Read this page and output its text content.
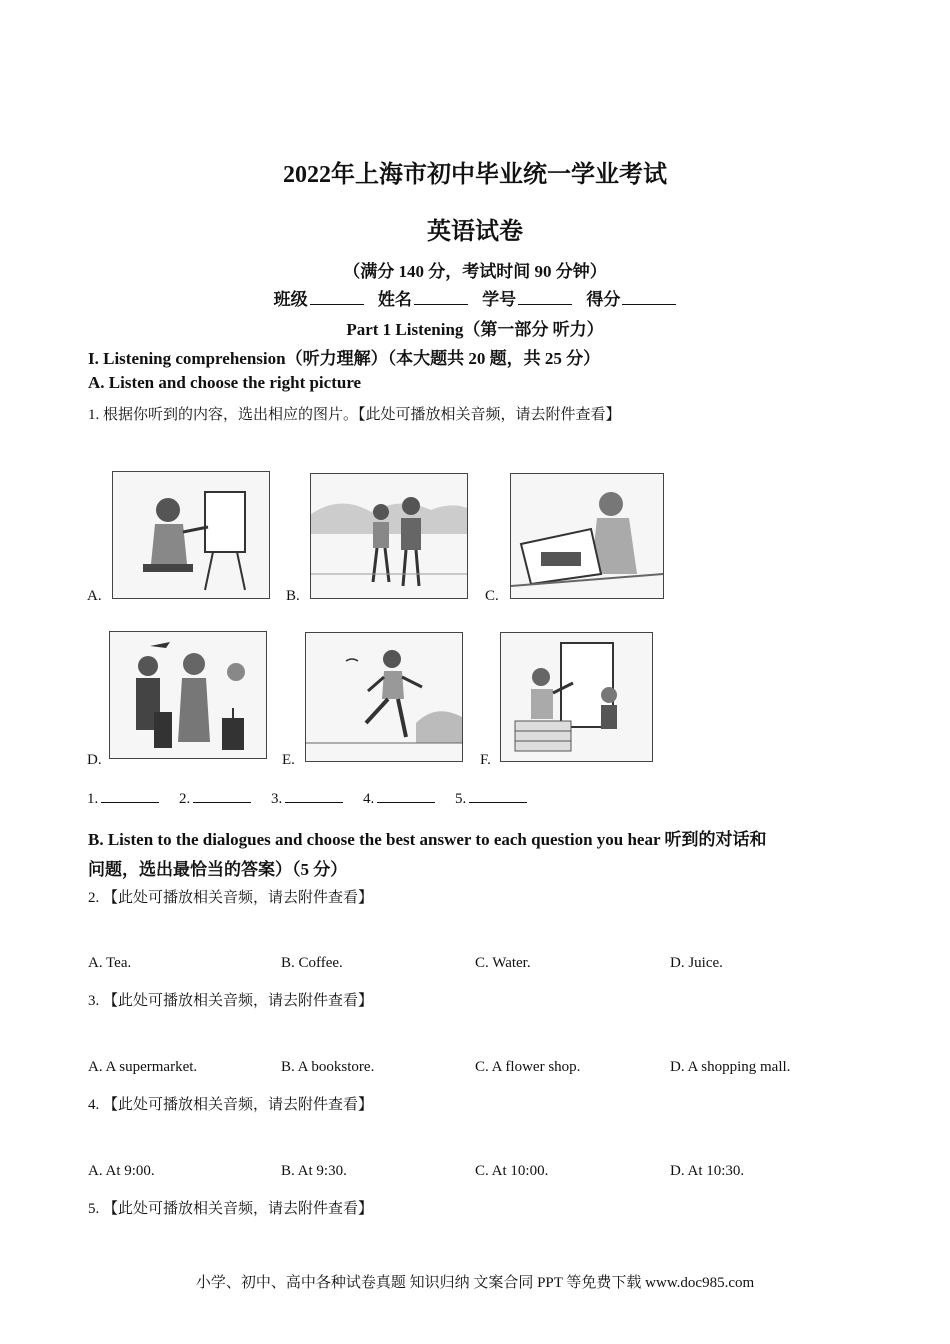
2022年上海市初中毕业统一学业考试
英语试卷
（满分 140 分，考试时间 90 分钟）
班级	姓名	学号	得分
Part 1 Listening（第一部分 听力）
I. Listening comprehension（听力理解）（本大题共 20 题，共 25 分）
A. Listen and choose the right picture
1. 根据你听到的内容，选出相应的图片。【此处可播放相关音频，请去附件查看】
A.	B.	C.
D.	E.	F.
1.	2.	3.	4.	5.
B. Listen to the dialogues and choose the best answer to each question you hear 听到的对话和
问题，选出最恰当的答案）（5 分）
2. 【此处可播放相关音频，请去附件查看】
A. Tea.	B. Coffee.	C. Water.	D. Juice.
3. 【此处可播放相关音频，请去附件查看】
A. A supermarket.	B. A bookstore.	C. A flower shop.	D. A shopping mall.
4. 【此处可播放相关音频，请去附件查看】
A. At 9:00.	B. At 9:30.	C. At 10:00.	D. At 10:30.
5. 【此处可播放相关音频，请去附件查看】
小学、初中、高中各种试卷真题 知识归纳 文案合同 PPT 等免费下载 www.doc985.com
